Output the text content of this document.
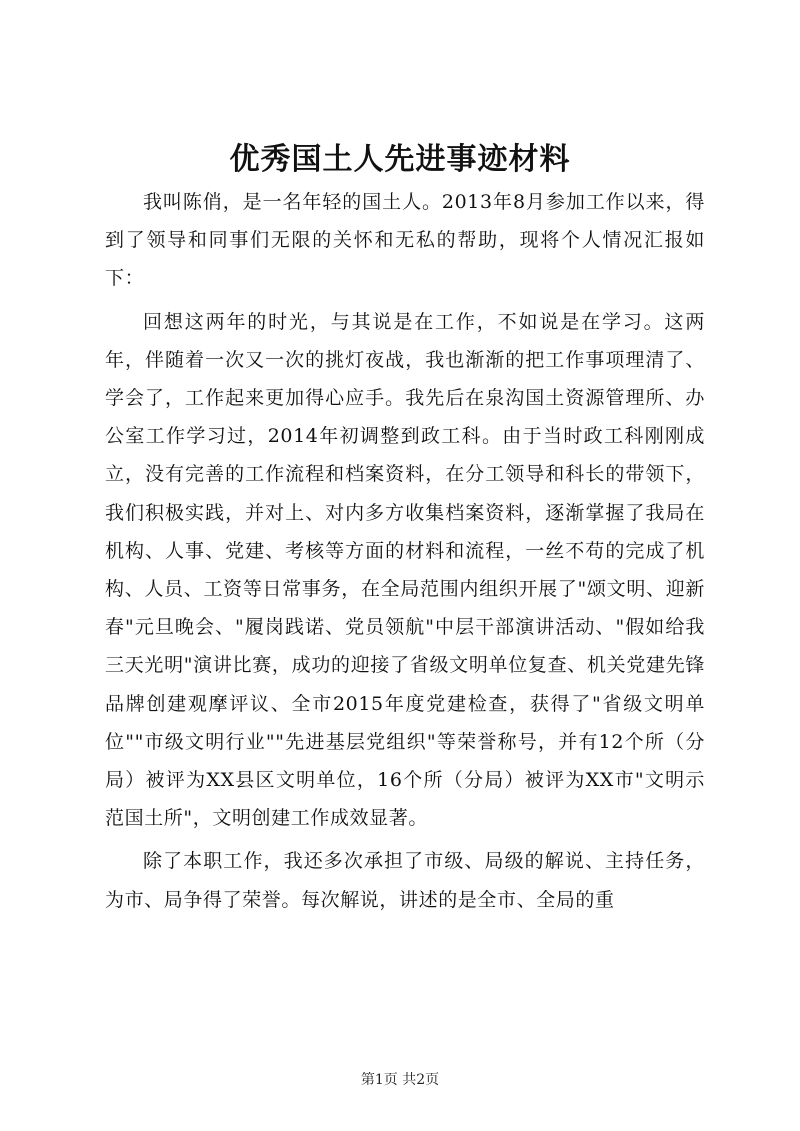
优秀国土人先进事迹材料

我叫陈俏，是一名年轻的国土人。2013年8月参加工作以来，得到了领导和同事们无限的关怀和无私的帮助，现将个人情况汇报如下：

回想这两年的时光，与其说是在工作，不如说是在学习。这两年，伴随着一次又一次的挑灯夜战，我也渐渐的把工作事项理清了、学会了，工作起来更加得心应手。我先后在泉沟国土资源管理所、办公室工作学习过，2014年初调整到政工科。由于当时政工科刚刚成立，没有完善的工作流程和档案资料，在分工领导和科长的带领下，我们积极实践，并对上、对内多方收集档案资料，逐渐掌握了我局在机构、人事、党建、考核等方面的材料和流程，一丝不苟的完成了机构、人员、工资等日常事务，在全局范围内组织开展了"颂文明、迎新春"元旦晚会、"履岗践诺、党员领航"中层干部演讲活动、"假如给我三天光明"演讲比赛，成功的迎接了省级文明单位复查、机关党建先锋品牌创建观摩评议、全市2015年度党建检查，获得了"省级文明单位""市级文明行业""先进基层党组织"等荣誉称号，并有12个所（分局）被评为XX县区文明单位，16个所（分局）被评为XX市"文明示范国土所"，文明创建工作成效显著。

除了本职工作，我还多次承担了市级、局级的解说、主持任务，为市、局争得了荣誉。每次解说，讲述的是全市、全局的重

第1页 共2页
